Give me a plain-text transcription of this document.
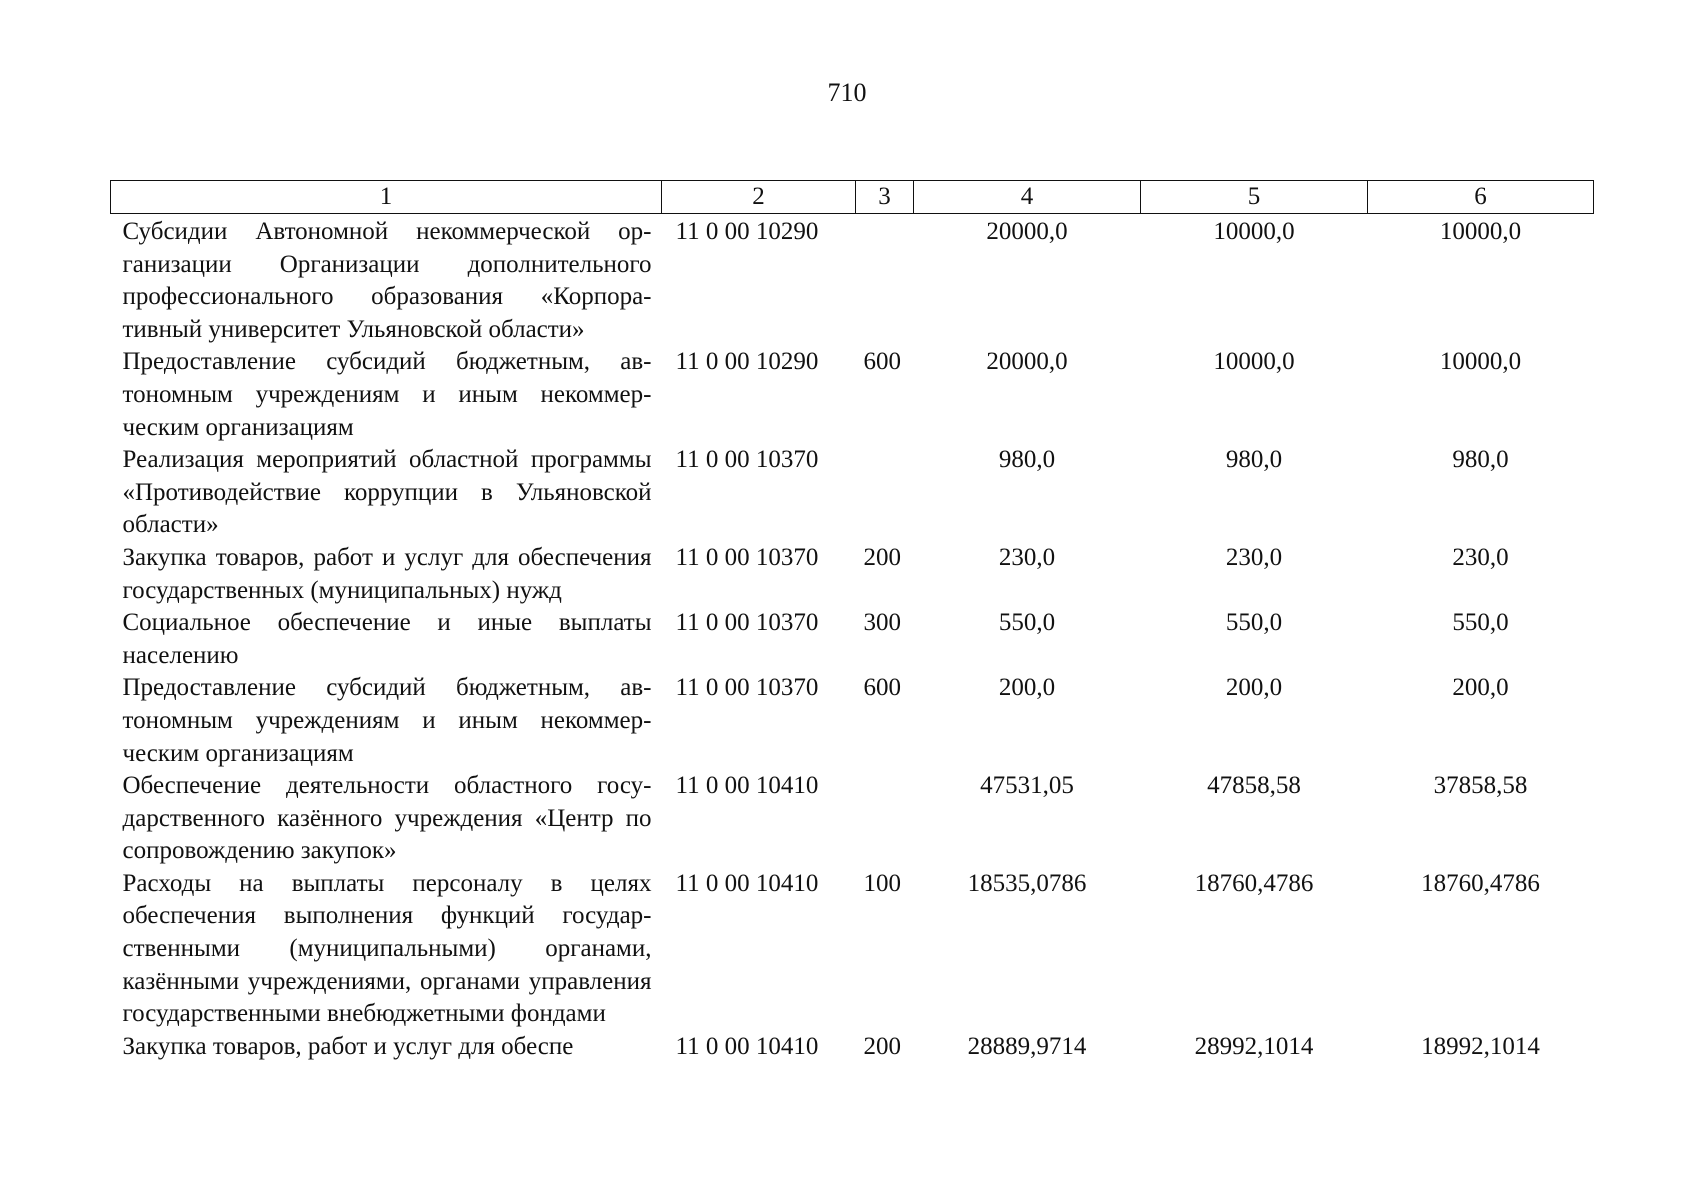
710
1	2	3	4	5	6
Субсидии Автономной некоммерческой организации Организации дополнительного профессионального образования «Корпоративный университет Ульяновской области»	11 0 00 10290		20000,0	10000,0	10000,0
Предоставление субсидий бюджетным, автономным учреждениям и иным некоммерческим организациям	11 0 00 10290	600	20000,0	10000,0	10000,0
Реализация мероприятий областной программы «Противодействие коррупции в Ульяновской области»	11 0 00 10370		980,0	980,0	980,0
Закупка товаров, работ и услуг для обеспечения государственных (муниципальных) нужд	11 0 00 10370	200	230,0	230,0	230,0
Социальное обеспечение и иные выплаты населению	11 0 00 10370	300	550,0	550,0	550,0
Предоставление субсидий бюджетным, автономным учреждениям и иным некоммерческим организациям	11 0 00 10370	600	200,0	200,0	200,0
Обеспечение деятельности областного государственного казённого учреждения «Центр по сопровождению закупок»	11 0 00 10410		47531,05	47858,58	37858,58
Расходы на выплаты персоналу в целях обеспечения выполнения функций государственными (муниципальными) органами, казёнными учреждениями, органами управления государственными внебюджетными фондами	11 0 00 10410	100	18535,0786	18760,4786	18760,4786
Закупка товаров, работ и услуг для обеспе	11 0 00 10410	200	28889,9714	28992,1014	18992,1014
